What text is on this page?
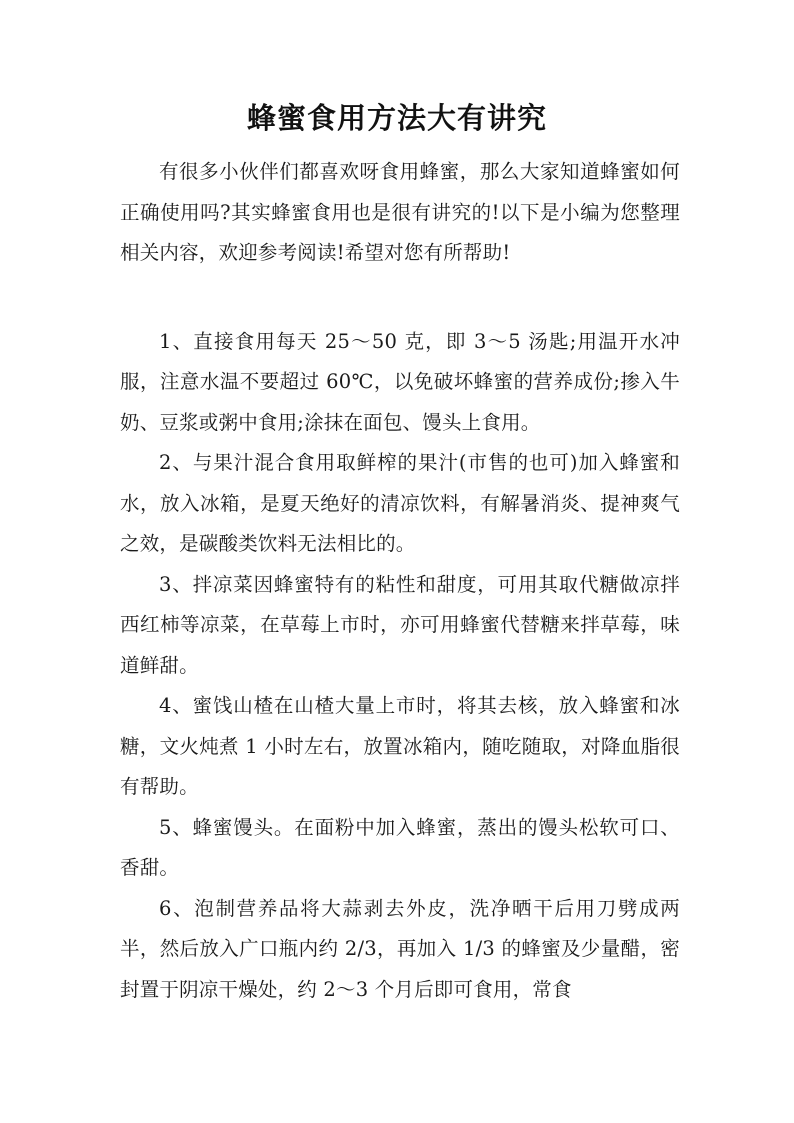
蜂蜜食用方法大有讲究

有很多小伙伴们都喜欢呀食用蜂蜜，那么大家知道蜂蜜如何正确使用吗?其实蜂蜜食用也是很有讲究的!以下是小编为您整理相关内容，欢迎参考阅读!希望对您有所帮助!

1、直接食用每天 25～50 克，即 3～5 汤匙;用温开水冲服，注意水温不要超过 60℃，以免破坏蜂蜜的营养成份;掺入牛奶、豆浆或粥中食用;涂抹在面包、馒头上食用。

2、与果汁混合食用取鲜榨的果汁(市售的也可)加入蜂蜜和水，放入冰箱，是夏天绝好的清凉饮料，有解暑消炎、提神爽气之效，是碳酸类饮料无法相比的。

3、拌凉菜因蜂蜜特有的粘性和甜度，可用其取代糖做凉拌西红柿等凉菜，在草莓上市时，亦可用蜂蜜代替糖来拌草莓，味道鲜甜。

4、蜜饯山楂在山楂大量上市时，将其去核，放入蜂蜜和冰糖，文火炖煮 1 小时左右，放置冰箱内，随吃随取，对降血脂很有帮助。

5、蜂蜜馒头。在面粉中加入蜂蜜，蒸出的馒头松软可口、香甜。

6、泡制营养品将大蒜剥去外皮，洗净晒干后用刀劈成两半，然后放入广口瓶内约 2/3，再加入 1/3 的蜂蜜及少量醋，密封置于阴凉干燥处，约 2～3 个月后即可食用，常食
